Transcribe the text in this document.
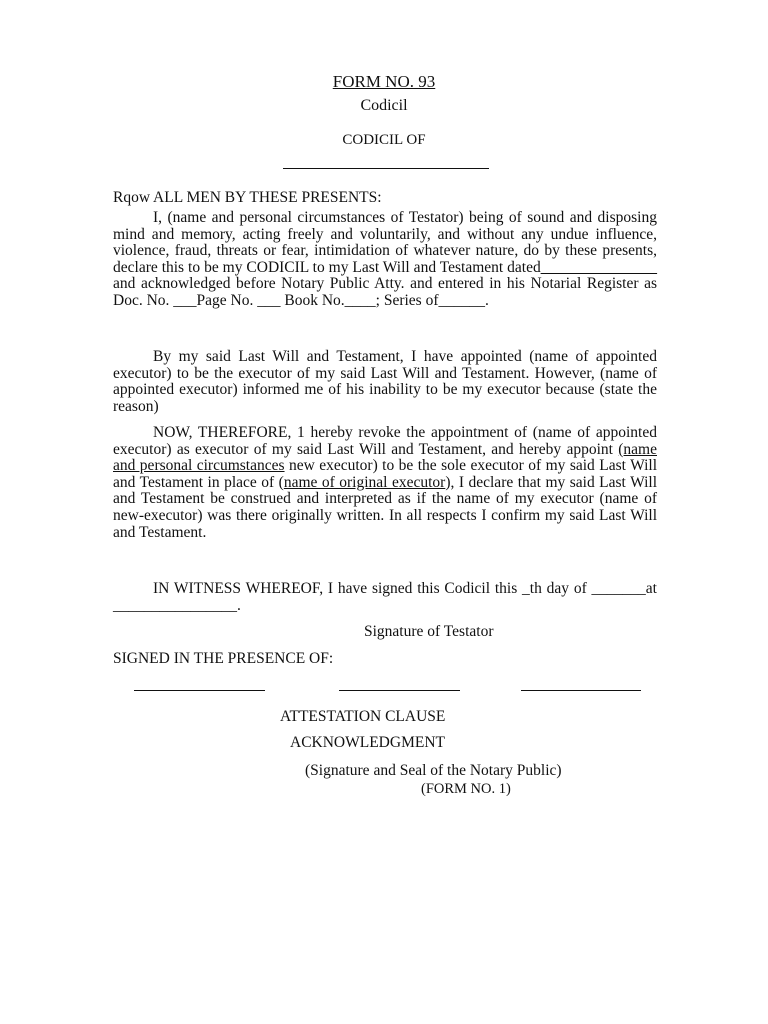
FORM NO. 93
Codicil
CODICIL OF
Rqow ALL MEN BY THESE PRESENTS:
I, (name and personal circumstances of Testator) being of sound and disposing mind and memory, acting freely and voluntarily, and without any undue influence, violence, fraud, threats or fear, intimidation of whatever nature, do by these presents, declare this to be my CODICIL to my Last Will and Testament dated_______________ and acknowledged before Notary Public Atty. and entered in his Notarial Register as Doc. No. ___Page No. ___ Book No.____; Series of______.
By my said Last Will and Testament, I have appointed (name of appointed executor) to be the executor of my said Last Will and Testament. However, (name of appointed executor) informed me of his inability to be my executor because (state the reason)
NOW, THEREFORE, 1 hereby revoke the appointment of (name of appointed executor) as executor of my said Last Will and Testament, and hereby appoint (name and personal circumstances new executor) to be the sole executor of my said Last Will and Testament in place of (name of original executor), I declare that my said Last Will and Testament be construed and interpreted as if the name of my executor (name of new-executor) was there originally written. In all respects I confirm my said Last Will and Testament.
IN WITNESS WHEREOF, I have signed this Codicil this _th day of _______at ________________.
Signature of Testator
SIGNED IN THE PRESENCE OF:
ATTESTATION CLAUSE
ACKNOWLEDGMENT
(Signature and Seal of the Notary Public)
(FORM NO. 1)
